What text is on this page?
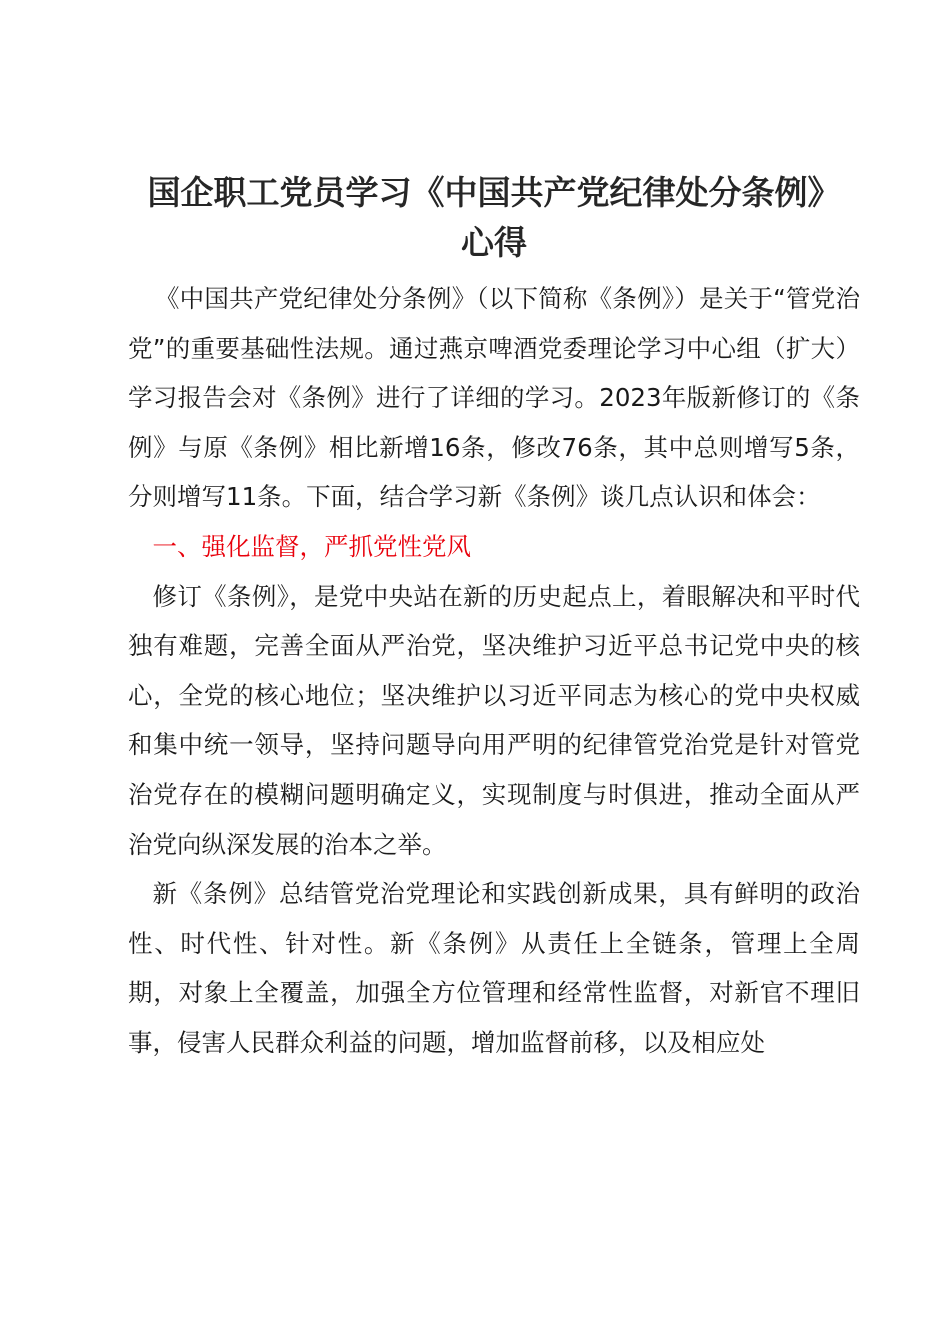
国企职工党员学习《中国共产党纪律处分条例》
心得

《中国共产党纪律处分条例》（以下简称《条例》）是关于“管党治党”的重要基础性法规。通过燕京啤酒党委理论学习中心组（扩大）学习报告会对《条例》进行了详细的学习。2023年版新修订的《条例》与原《条例》相比新增16条，修改76条，其中总则增写5条，分则增写11条。下面，结合学习新《条例》谈几点认识和体会：

一、强化监督，严抓党性党风

修订《条例》，是党中央站在新的历史起点上，着眼解决和平时代独有难题，完善全面从严治党，坚决维护习近平总书记党中央的核心，全党的核心地位；坚决维护以习近平同志为核心的党中央权威和集中统一领导，坚持问题导向用严明的纪律管党治党是针对管党治党存在的模糊问题明确定义，实现制度与时俱进，推动全面从严治党向纵深发展的治本之举。

新《条例》总结管党治党理论和实践创新成果，具有鲜明的政治性、时代性、针对性。新《条例》从责任上全链条，管理上全周期，对象上全覆盖，加强全方位管理和经常性监督，对新官不理旧事，侵害人民群众利益的问题，增加监督前移，以及相应处
